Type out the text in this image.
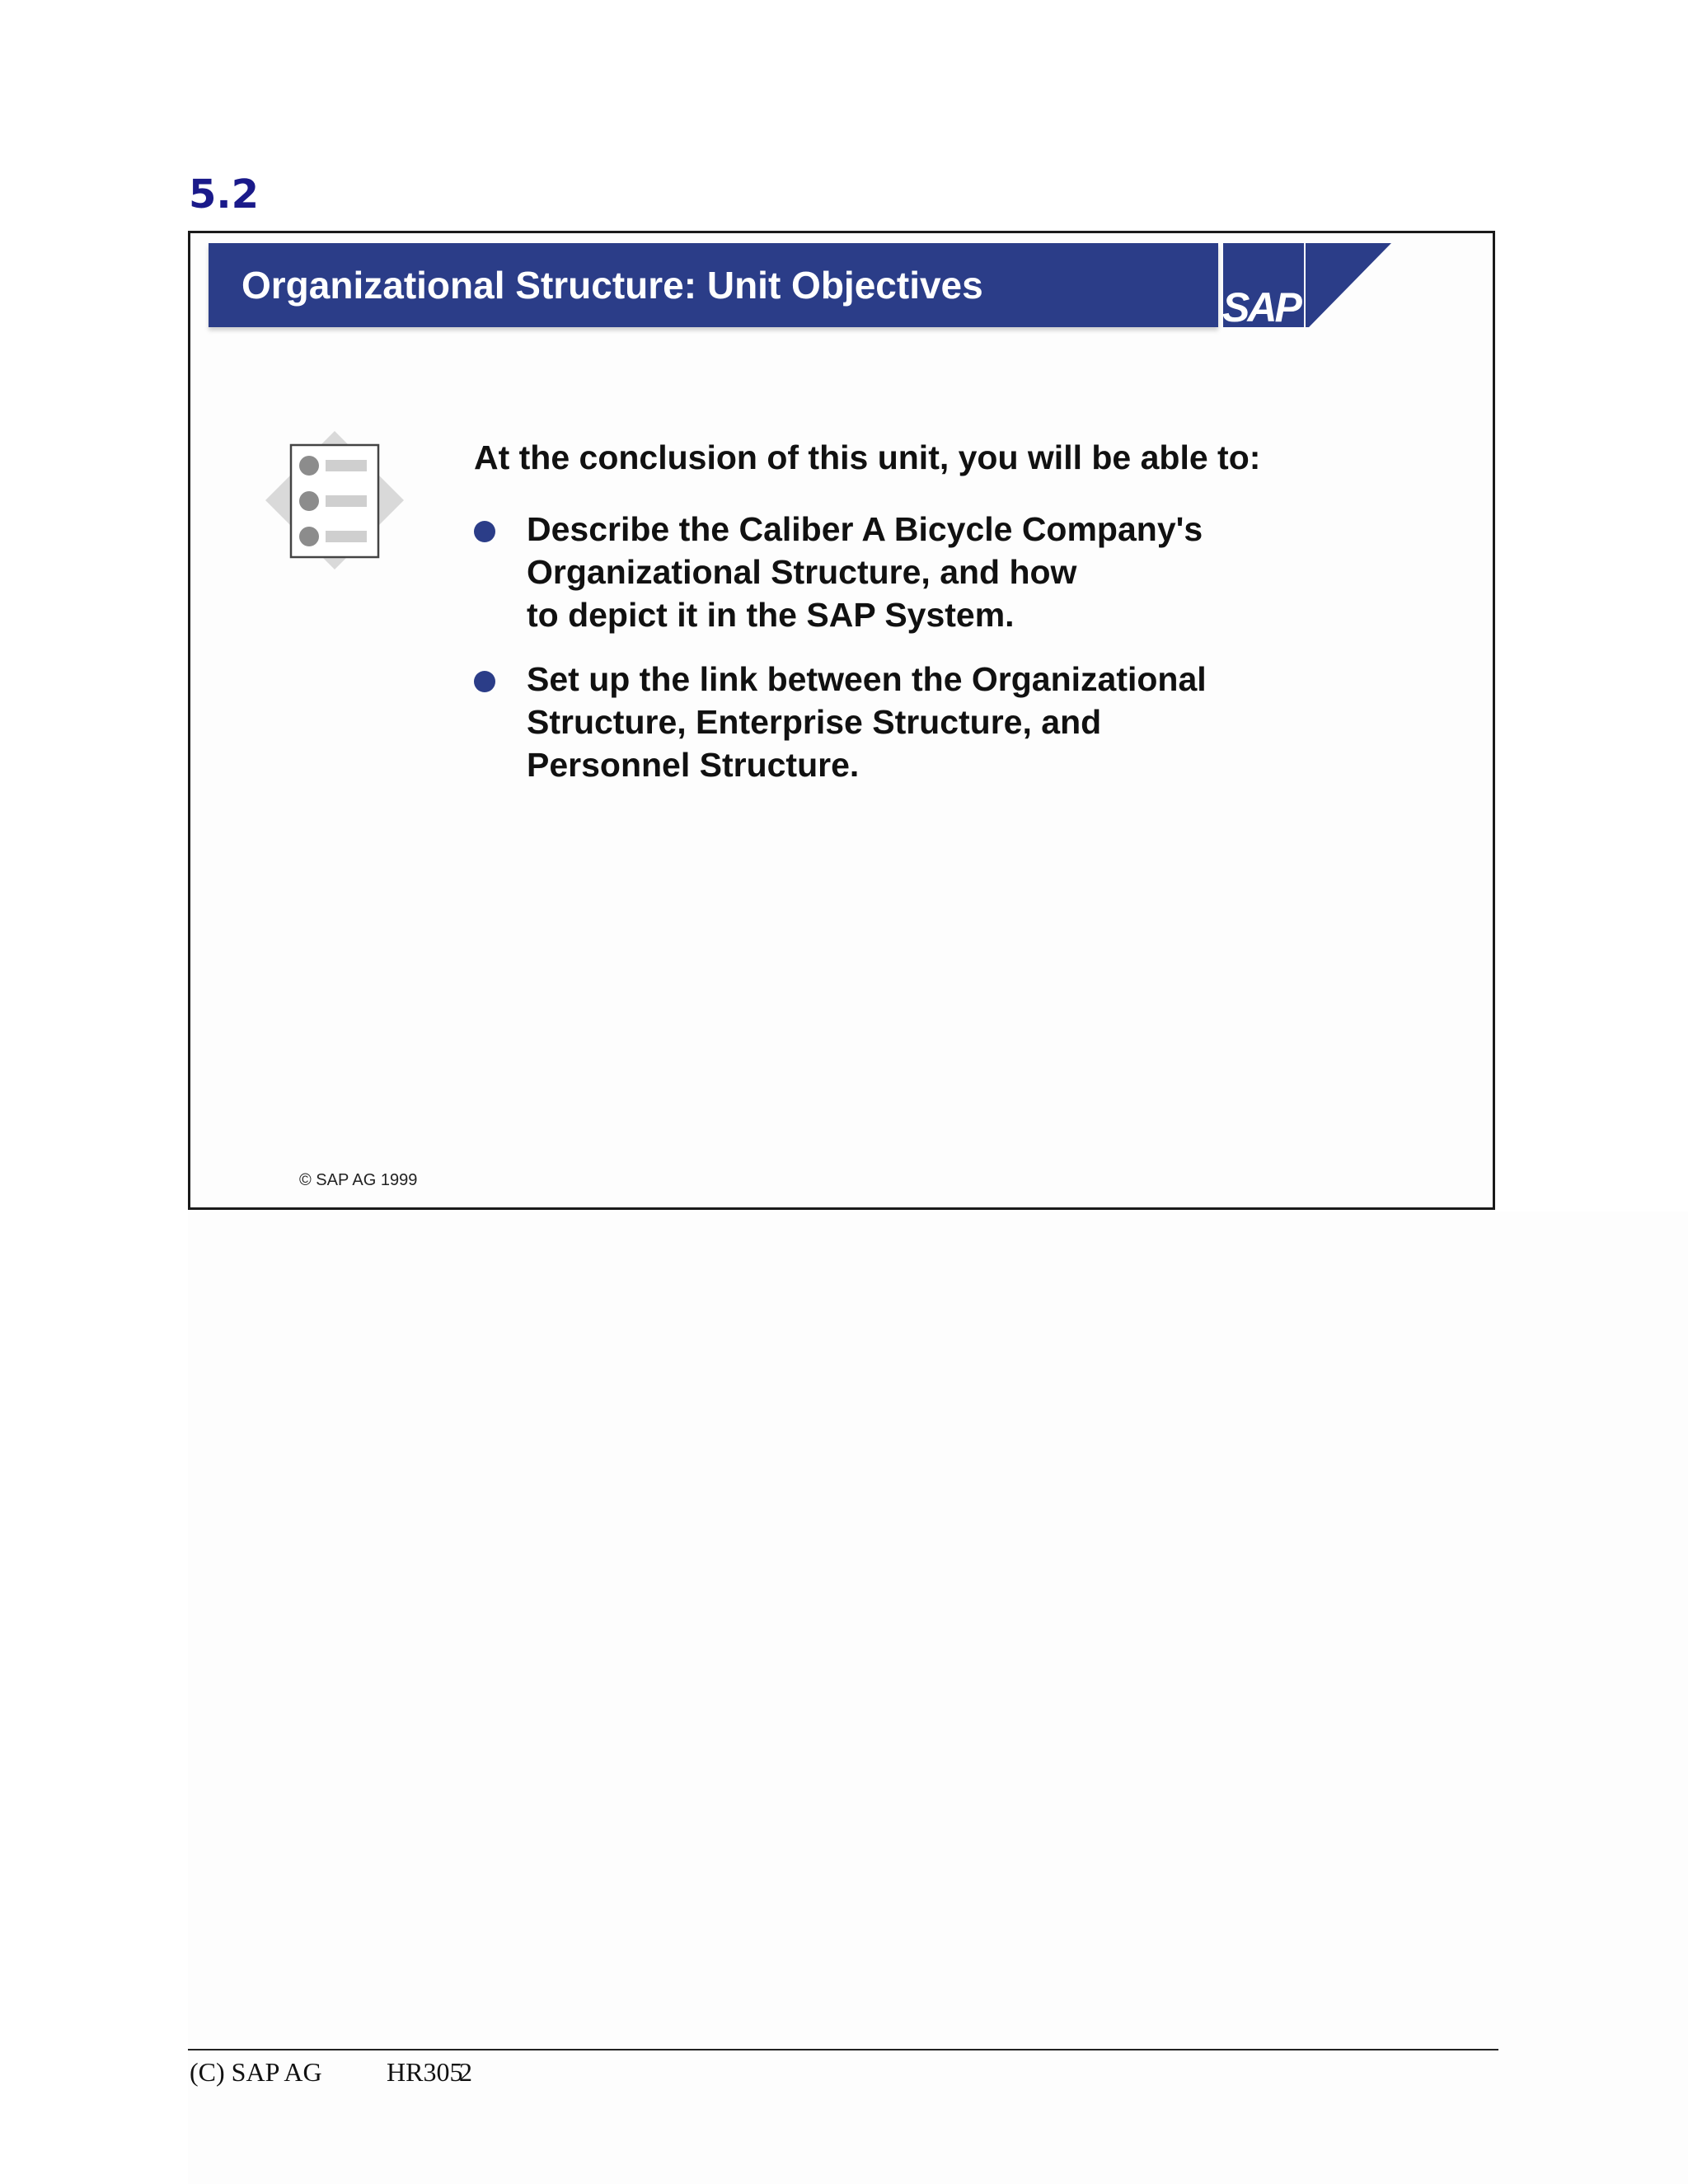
5.2
Organizational Structure: Unit Objectives	SAP
At the conclusion of this unit, you will be able to:
Describe the Caliber A Bicycle Company's
Organizational Structure, and how
to depict it in the SAP System.
Set up the link between the Organizational
Structure, Enterprise Structure, and
Personnel Structure.
© SAP AG 1999
(C) SAP AG HR305  2
